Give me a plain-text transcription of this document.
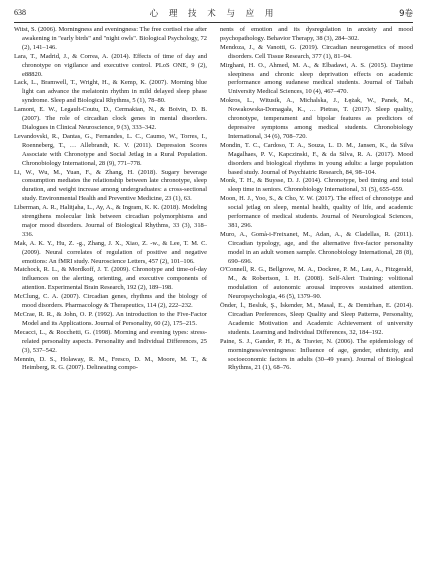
638	心 理 技 术 与 应 用	9卷

Witst, S. (2006). Morningness and eveningness: The free cortisol rise after awakening in "early birds" and "night owls". Biological Psychology, 72 (2), 141–146.

Lara, T., Madrid, J., & Correa, A. (2014). Effects of time of day and chronotype on vigilance and executive control. PLoS ONE, 9 (2), e88820.

Lack, L., Bramwell, T., Wright, H., & Kemp, K. (2007). Morning blue light can advance the melatonin rhythm in mild delayed sleep phase syndrome. Sleep and Biological Rhythms, 5 (1), 78–80.

Lamont, E. W., Legault-Coutu, D., Cermakian, N., & Boivin, D. B. (2007). The role of circadian clock genes in mental disorders. Dialogues in Clinical Neuroscience, 9 (3), 333–342.

Levandovski, R., Dantas, G., Fernandes, L. C., Caumo, W., Torres, I., Roenneberg, T., … Allebrandt, K. V. (2011). Depression Scores Associate with Chronotype and Social Jetlag in a Rural Population. Chronobiology International, 28 (9), 771–778.

Li, W., Wu, M., Yuan, F., & Zhang, H. (2018). Sugary beverage consumption mediates the relationship between late chronotype, sleep duration, and weight increase among undergraduates: a cross-sectional study. Environmental Health and Preventive Medicine, 23 (1), 63.

Liberman, A. R., Halitjaha, L., Ay, A., & Ingram, K. K. (2018). Modeling strengthens molecular link between circadian polymorphisms and major mood disorders. Journal of Biological Rhythms, 33 (3), 318–336.

Mak, A. K. Y., Hu, Z. -g., Zhang, J. X., Xiao, Z. -w., & Lee, T. M. C. (2009). Neural correlates of regulation of positive and negative emotions: An fMRI study. Neuroscience Letters, 457 (2), 101–106.

Matchock, R. L., & Mordkoff, J. T. (2009). Chronotype and time-of-day influences on the alerting, orienting, and executive components of attention. Experimental Brain Research, 192 (2), 189–198.

McClung, C. A. (2007). Circadian genes, rhythms and the biology of mood disorders. Pharmacology & Therapeutics, 114 (2), 222–232.

McCrae, R. R., & John, O. P. (1992). An introduction to the Five-Factor Model and its Applications. Journal of Personality, 60 (2), 175–215.

Mecacci, L., & Rocchetti, G. (1998). Morning and evening types: stress-related personality aspects. Personality and Individual Differences, 25 (3), 537–542.

Mennin, D. S., Holaway, R. M., Fresco, D. M., Moore, M. T., & Heimberg, R. G. (2007). Delineating compo-

nents of emotion and its dysregulation in anxiety and mood psychopathology. Behavior Therapy, 38 (3), 284–302.

Mendoza, J., & Vanotti, G. (2019). Circadian neurogenetics of mood disorders. Cell Tissue Research, 377 (1), 81–94.

Mirghani, H. O., Ahmed, M. A., & Elbadawi, A. S. (2015). Daytime sleepiness and chronic sleep deprivation effects on academic performance among sudanese medical students. Journal of Taibah University Medical Sciences, 10 (4), 467–470.

Mokros, L., Witusik, A., Michalska, J., Łężak, W., Panek, M., Nowakowska-Domagała, K., … Pietras, T. (2017). Sleep quality, chronotype, temperament and bipolar features as predictors of depressive symptoms among medical students. Chronobiology International, 34 (6), 708–720.

Mondin, T. C., Cardoso, T. A., Souza, L. D. M., Jansen, K., da Silva Magalhaes, P. V., Kapczinski, F., & da Silva, R. A. (2017). Mood disorders and biological rhythms in young adults: a large population based study. Journal of Psychiatric Research, 84, 98–104.

Monk, T. H., & Buysse, D. J. (2014). Chronotype, bed timing and total sleep time in seniors. Chronobiology International, 31 (5), 655–659.

Moon, H. J., Yoo, S., & Cho, Y. W. (2017). The effect of chronotype and social jetlag on sleep, mental health, quality of life, and academic performance of medical students. Journal of Neurological Sciences, 381, 296.

Muro, A., Gomà-i-Freixanet, M., Adan, A., & Cladellas, R. (2011). Circadian typology, age, and the alternative five-factor personality model in an adult women sample. Chronobiology International, 28 (8), 690–696.

O'Connell, R. G., Bellgrove, M. A., Dockree, P. M., Lau, A., Fitzgerald, M., & Robertson, I. H. (2008). Self-Alert Training: volitional modulation of autonomic arousal improves sustained attention. Neuropsychologia, 46 (5), 1379–90.

Önder, İ., Besluk, Ş., İskender, M., Masal, E., & Demirhan, E. (2014). Circadian Preferences, Sleep Quality and Sleep Patterns, Personality, Academic Motivation and Academic Achievement of university students. Learning and Individual Differences, 32, 184–192.

Paine, S. J., Gander, P. H., & Travier, N. (2006). The epidemiology of morningness/eveningness: Influence of age, gender, ethnicity, and socioeconomic factors in adults (30–49 years). Journal of Biological Rhythms, 21 (1), 68–76.
